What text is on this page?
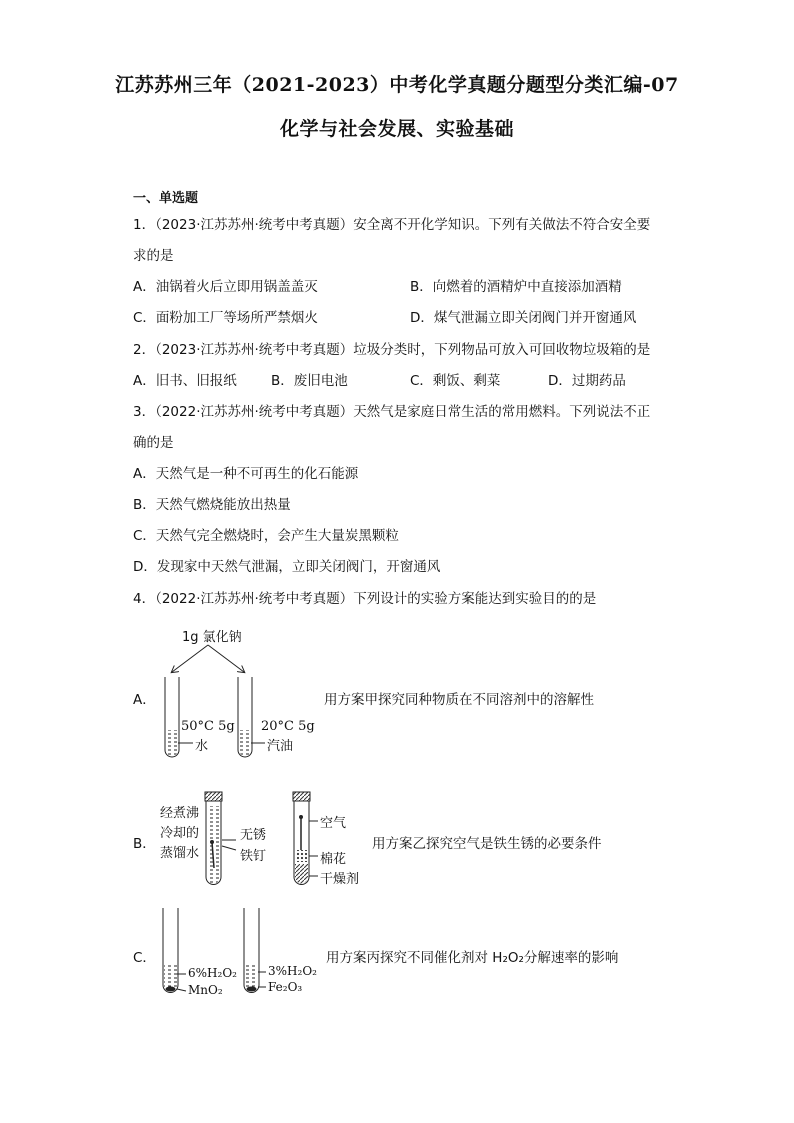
江苏苏州三年（2021-2023）中考化学真题分题型分类汇编-07
化学与社会发展、实验基础
一、单选题
1．（2023·江苏苏州·统考中考真题）安全离不开化学知识。下列有关做法不符合安全要
求的是
A．油锅着火后立即用锅盖盖灭	B．向燃着的酒精炉中直接添加酒精
C．面粉加工厂等场所严禁烟火	D．煤气泄漏立即关闭阀门并开窗通风
2．（2023·江苏苏州·统考中考真题）垃圾分类时，下列物品可放入可回收物垃圾箱的是
A．旧书、旧报纸	B．废旧电池	C．剩饭、剩菜	D．过期药品
3．（2022·江苏苏州·统考中考真题）天然气是家庭日常生活的常用燃料。下列说法不正
确的是
A．天然气是一种不可再生的化石能源
B．天然气燃烧能放出热量
C．天然气完全燃烧时，会产生大量炭黑颗粒
D．发现家中天然气泄漏，立即关闭阀门，开窗通风
4．（2022·江苏苏州·统考中考真题）下列设计的实验方案能达到实验目的的是
A．
1g 氯化钠
50°C 5g
水
20°C 5g
汽油
用方案甲探究同种物质在不同溶剂中的溶解性
B．
经煮沸
冷却的
蒸馏水
无锈
铁钉
空气
棉花
干燥剂
用方案乙探究空气是铁生锈的必要条件
C．
6%H₂O₂
MnO₂
3%H₂O₂
Fe₂O₃
用方案丙探究不同催化剂对 H₂O₂分解速率的影响
